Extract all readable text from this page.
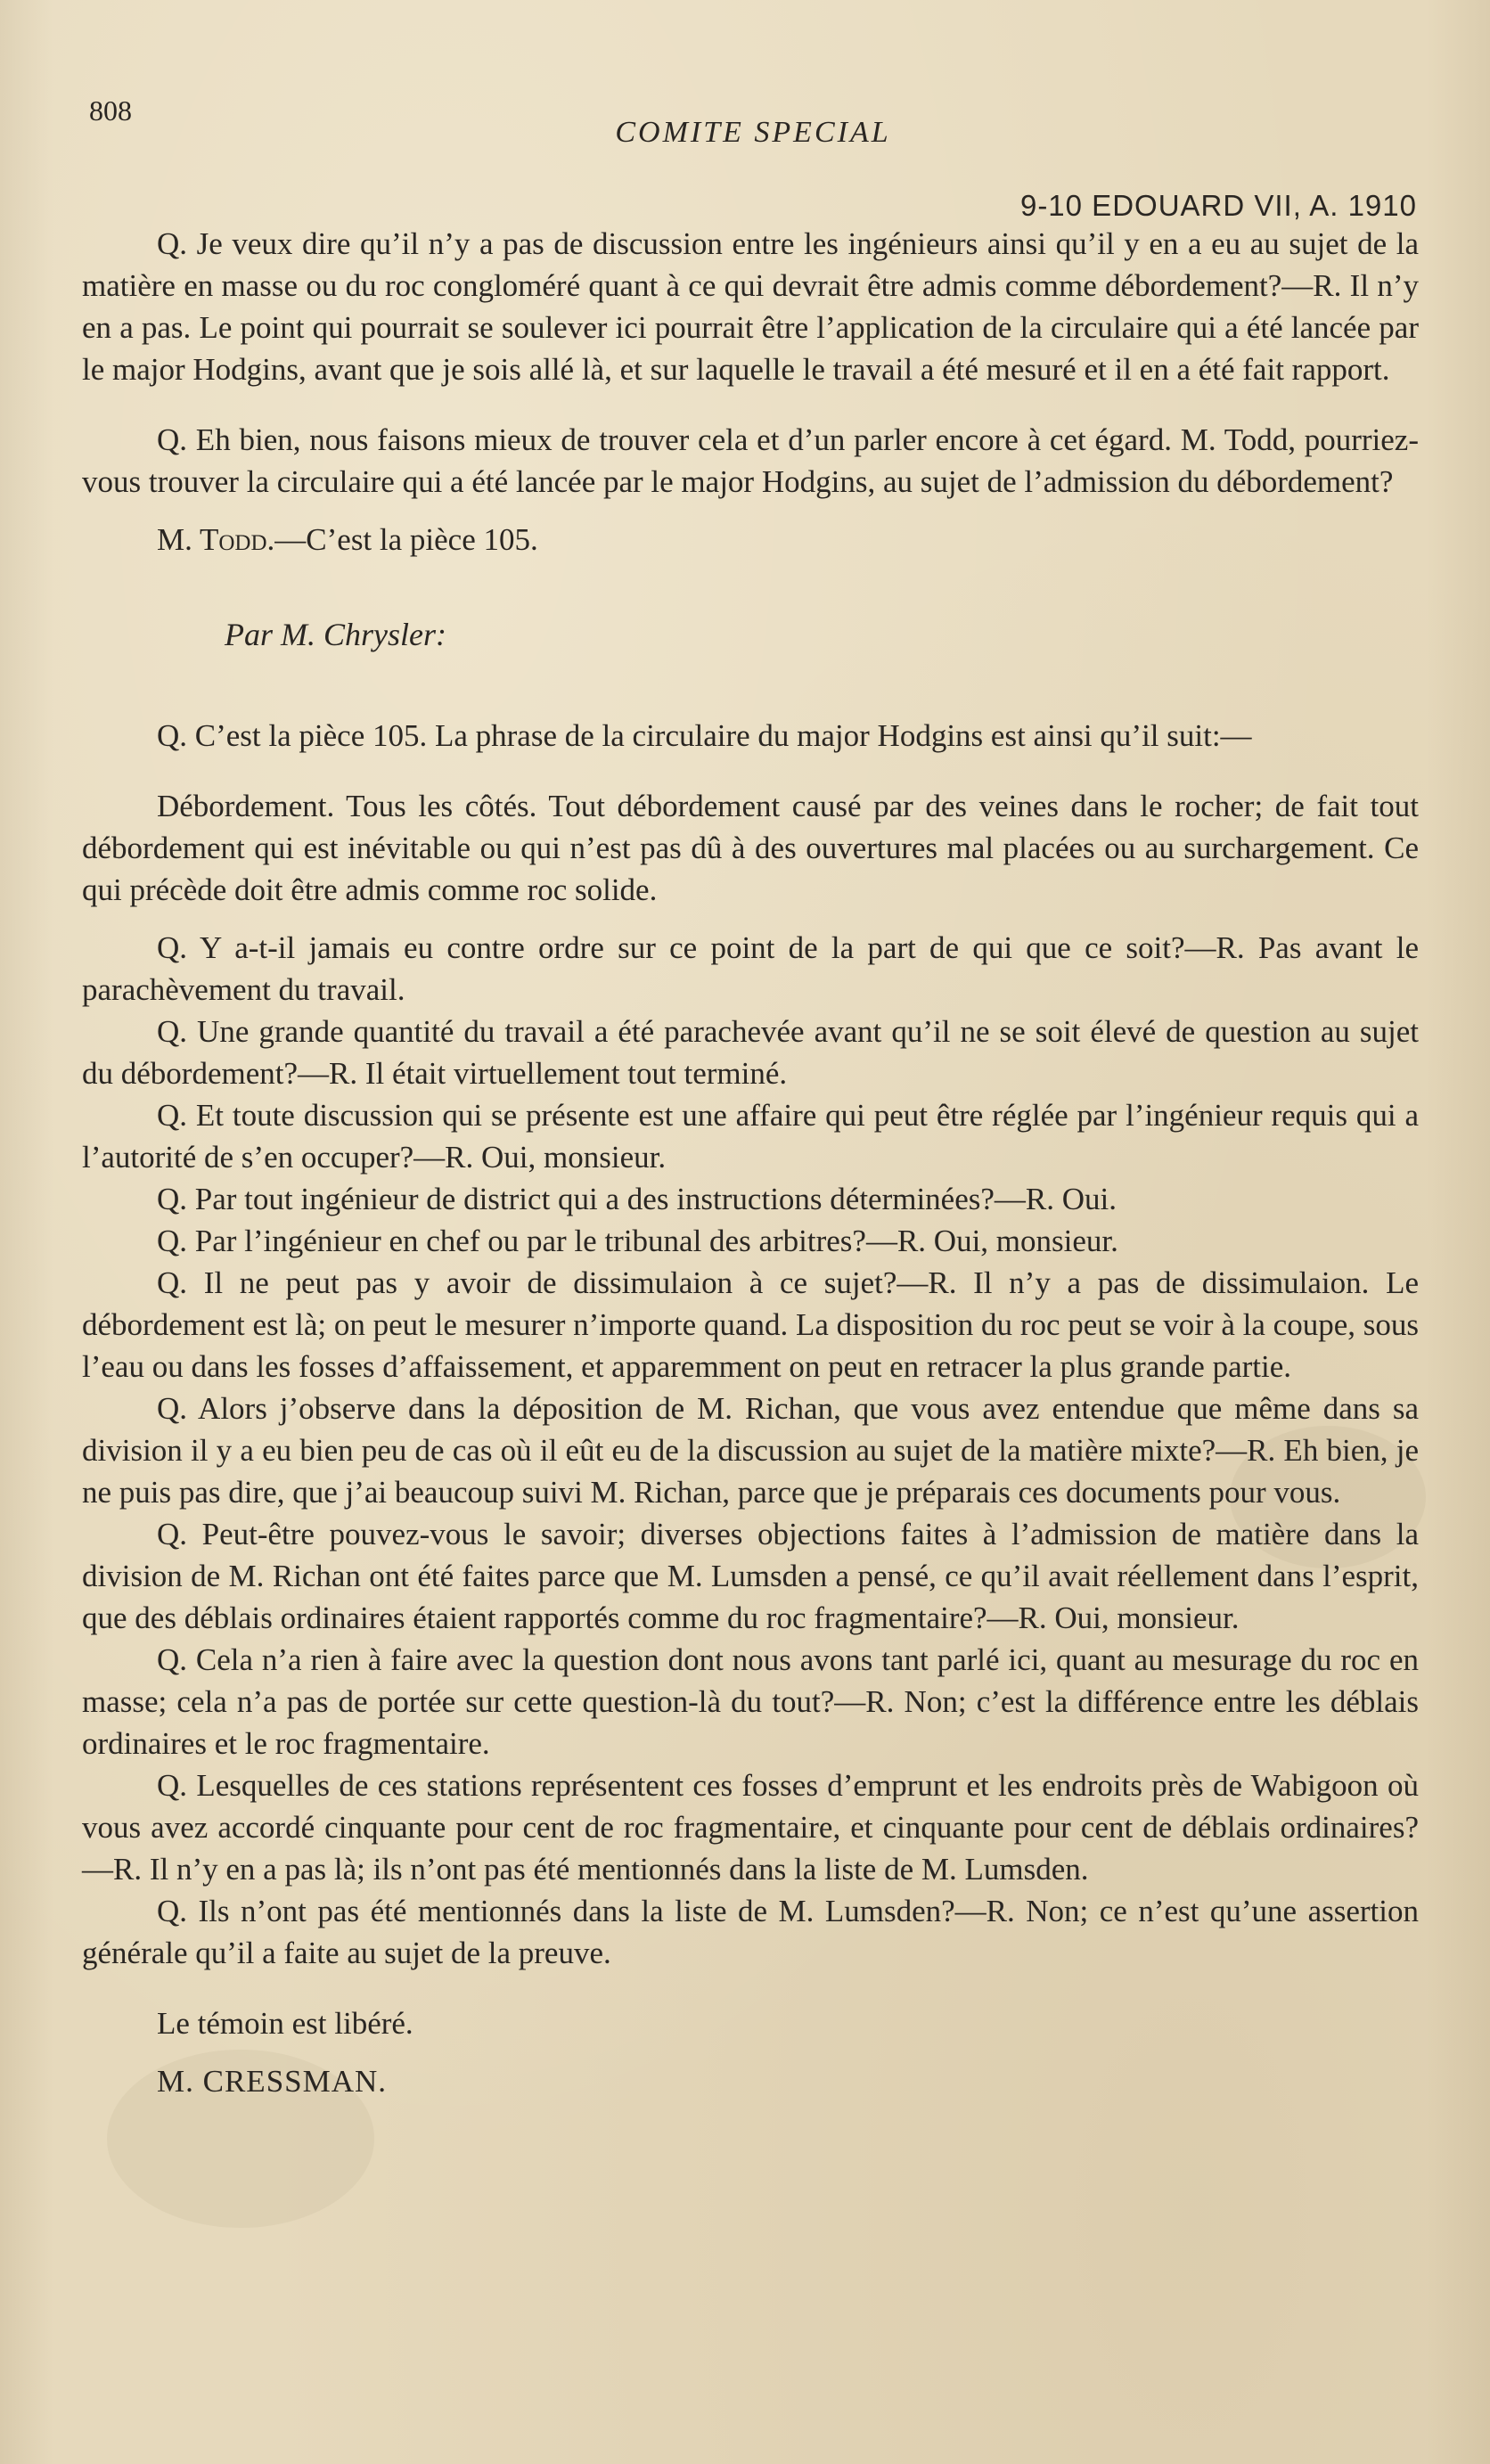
808
COMITE SPECIAL
9-10 EDOUARD VII, A. 1910

Q. Je veux dire qu’il n’y a pas de discussion entre les ingénieurs ainsi qu’il y en a eu au sujet de la matière en masse ou du roc congloméré quant à ce qui devrait être admis comme débordement?—R. Il n’y en a pas. Le point qui pourrait se soulever ici pourrait être l’application de la circulaire qui a été lancée par le major Hodgins, avant que je sois allé là, et sur laquelle le travail a été mesuré et il en a été fait rapport.

Q. Eh bien, nous faisons mieux de trouver cela et d’un parler encore à cet égard. M. Todd, pourriez-vous trouver la circulaire qui a été lancée par le major Hodgins, au sujet de l’admission du débordement?

M. Todd.—C’est la pièce 105.

Par M. Chrysler:

Q. C’est la pièce 105. La phrase de la circulaire du major Hodgins est ainsi qu’il suit:—

Débordement. Tous les côtés. Tout débordement causé par des veines dans le rocher; de fait tout débordement qui est inévitable ou qui n’est pas dû à des ouvertures mal placées ou au surchargement. Ce qui précède doit être admis comme roc solide.

Q. Y a-t-il jamais eu contre ordre sur ce point de la part de qui que ce soit?—R. Pas avant le parachèvement du travail.

Q. Une grande quantité du travail a été parachevée avant qu’il ne se soit élevé de question au sujet du débordement?—R. Il était virtuellement tout terminé.

Q. Et toute discussion qui se présente est une affaire qui peut être réglée par l’ingénieur requis qui a l’autorité de s’en occuper?—R. Oui, monsieur.

Q. Par tout ingénieur de district qui a des instructions déterminées?—R. Oui.

Q. Par l’ingénieur en chef ou par le tribunal des arbitres?—R. Oui, monsieur.

Q. Il ne peut pas y avoir de dissimulaion à ce sujet?—R. Il n’y a pas de dissimulaion. Le débordement est là; on peut le mesurer n’importe quand. La disposition du roc peut se voir à la coupe, sous l’eau ou dans les fosses d’affaissement, et apparemment on peut en retracer la plus grande partie.

Q. Alors j’observe dans la déposition de M. Richan, que vous avez entendue que même dans sa division il y a eu bien peu de cas où il eût eu de la discussion au sujet de la matière mixte?—R. Eh bien, je ne puis pas dire, que j’ai beaucoup suivi M. Richan, parce que je préparais ces documents pour vous.

Q. Peut-être pouvez-vous le savoir; diverses objections faites à l’admission de matière dans la division de M. Richan ont été faites parce que M. Lumsden a pensé, ce qu’il avait réellement dans l’esprit, que des déblais ordinaires étaient rapportés comme du roc fragmentaire?—R. Oui, monsieur.

Q. Cela n’a rien à faire avec la question dont nous avons tant parlé ici, quant au mesurage du roc en masse; cela n’a pas de portée sur cette question-là du tout?—R. Non; c’est la différence entre les déblais ordinaires et le roc fragmentaire.

Q. Lesquelles de ces stations représentent ces fosses d’emprunt et les endroits près de Wabigoon où vous avez accordé cinquante pour cent de roc fragmentaire, et cinquante pour cent de déblais ordinaires?—R. Il n’y en a pas là; ils n’ont pas été mentionnés dans la liste de M. Lumsden.

Q. Ils n’ont pas été mentionnés dans la liste de M. Lumsden?—R. Non; ce n’est qu’une assertion générale qu’il a faite au sujet de la preuve.

Le témoin est libéré.

M. CRESSMAN.
